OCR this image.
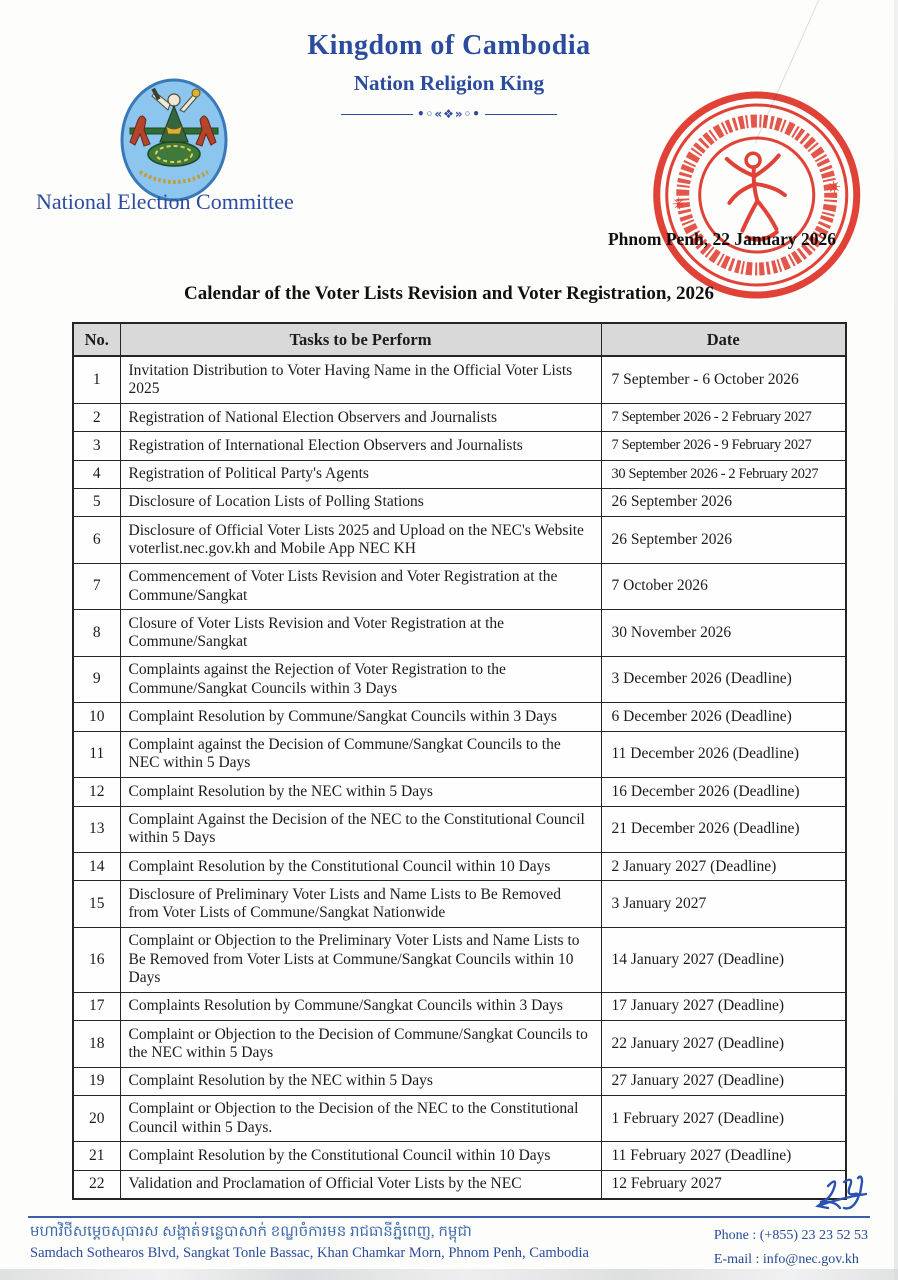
Kingdom of Cambodia
Nation Religion King
•◦«❖»◦•
National Election Committee
Phnom Penh, 22 January 2026
✳
✳
Calendar of the Voter Lists Revision and Voter Registration, 2026
No.	Tasks to be Perform	Date
1	Invitation Distribution to Voter Having Name in the Official Voter Lists 2025	7 September - 6 October 2026
2	Registration of National Election Observers and Journalists	7 September 2026 - 2 February 2027
3	Registration of International Election Observers and Journalists	7 September 2026 - 9 February 2027
4	Registration of Political Party's Agents	30 September 2026 - 2 February 2027
5	Disclosure of Location Lists of Polling Stations	26 September 2026
6	Disclosure of Official Voter Lists 2025 and Upload on the NEC's Website voterlist.nec.gov.kh and Mobile App NEC KH	26 September 2026
7	Commencement of Voter Lists Revision and Voter Registration at the Commune/Sangkat	7 October 2026
8	Closure of Voter Lists Revision and Voter Registration at the Commune/Sangkat	30 November 2026
9	Complaints against the Rejection of Voter Registration to the Commune/Sangkat Councils within 3 Days	3 December 2026 (Deadline)
10	Complaint Resolution by Commune/Sangkat Councils within 3 Days	6 December 2026 (Deadline)
11	Complaint against the Decision of Commune/Sangkat Councils to the NEC within 5 Days	11 December 2026 (Deadline)
12	Complaint Resolution by the NEC within 5 Days	16 December 2026 (Deadline)
13	Complaint Against the Decision of the NEC to the Constitutional Council within 5 Days	21 December 2026 (Deadline)
14	Complaint Resolution by the Constitutional Council within 10 Days	2 January 2027 (Deadline)
15	Disclosure of Preliminary Voter Lists and Name Lists to Be Removed from Voter Lists of Commune/Sangkat Nationwide	3 January 2027
16	Complaint or Objection to the Preliminary Voter Lists and Name Lists to Be Removed from Voter Lists at Commune/Sangkat Councils within 10 Days	14 January 2027 (Deadline)
17	Complaints Resolution by Commune/Sangkat Councils within 3 Days	17 January 2027 (Deadline)
18	Complaint or Objection to the Decision of Commune/Sangkat Councils to the NEC within 5 Days	22 January 2027 (Deadline)
19	Complaint Resolution by the NEC within 5 Days	27 January 2027 (Deadline)
20	Complaint or Objection to the Decision of the NEC to the Constitutional Council within 5 Days.	1 February 2027 (Deadline)
21	Complaint Resolution by the Constitutional Council within 10 Days	11 February 2027 (Deadline)
22	Validation and Proclamation of Official Voter Lists by the NEC	12 February 2027
មហាវិថីសម្តេចសុធារស សង្កាត់ទន្លេបាសាក់ ខណ្ឌចំការមន រាជធានីភ្នំពេញ, កម្ពុជា
Samdach Sothearos Blvd, Sangkat Tonle Bassac, Khan Chamkar Morn, Phnom Penh, Cambodia
Phone : (+855) 23 23 52 53
E-mail : info@nec.gov.kh
